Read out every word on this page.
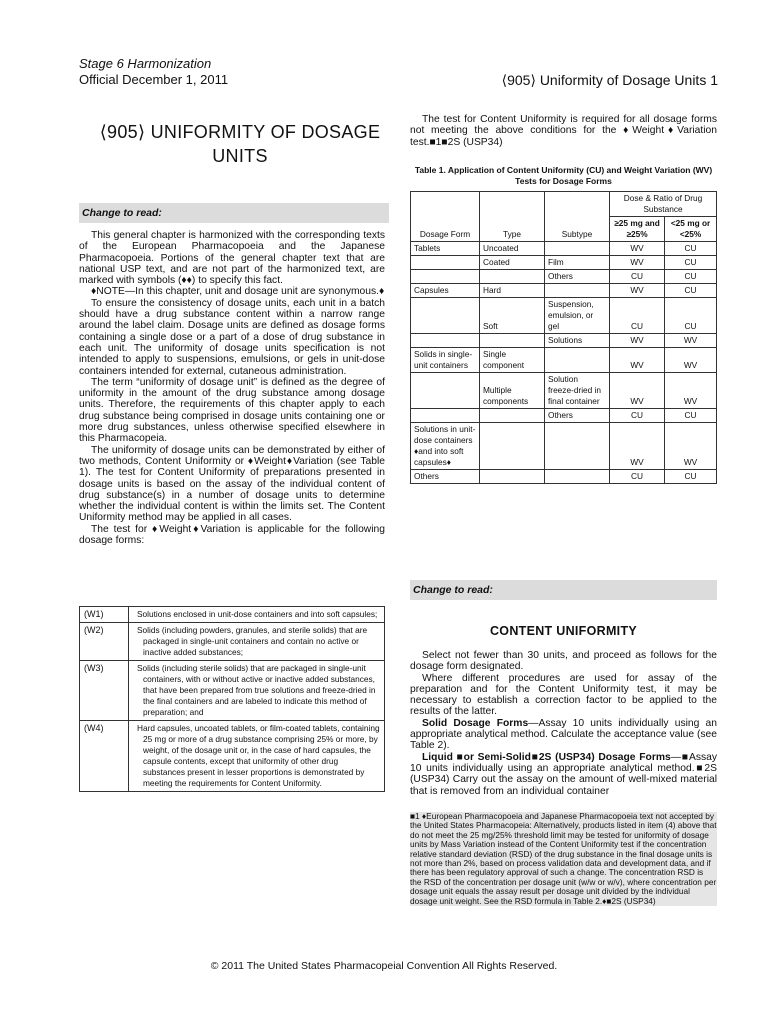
Stage 6 Harmonization
Official December 1, 2011	⟨905⟩ Uniformity of Dosage Units 1
⟨905⟩ UNIFORMITY OF DOSAGE UNITS
Change to read:

This general chapter is harmonized with the corresponding texts of the European Pharmacopoeia and the Japanese Pharmacopoeia. Portions of the general chapter text that are national USP text, and are not part of the harmonized text, are marked with symbols (♦♦) to specify this fact.

♦NOTE—In this chapter, unit and dosage unit are synonymous.♦

To ensure the consistency of dosage units, each unit in a batch should have a drug substance content within a narrow range around the label claim. Dosage units are defined as dosage forms containing a single dose or a part of a dose of drug substance in each unit. The uniformity of dosage units specification is not intended to apply to suspensions, emulsions, or gels in unit-dose containers intended for external, cutaneous administration.

The term “uniformity of dosage unit” is defined as the degree of uniformity in the amount of the drug substance among dosage units. Therefore, the requirements of this chapter apply to each drug substance being comprised in dosage units containing one or more drug substances, unless otherwise specified elsewhere in this Pharmacopeia.

The uniformity of dosage units can be demonstrated by either of two methods, Content Uniformity or ♦Weight♦Variation (see Table 1). The test for Content Uniformity of preparations presented in dosage units is based on the assay of the individual content of drug substance(s) in a number of dosage units to determine whether the individual content is within the limits set. The Content Uniformity method may be applied in all cases.

The test for ♦Weight♦Variation is applicable for the following dosage forms:

(W1)	Solutions enclosed in unit-dose containers and into soft capsules;

(W2)	Solids (including powders, granules, and sterile solids) that are packaged in single-unit containers and contain no active or inactive added substances;

(W3)	Solids (including sterile solids) that are packaged in single-unit containers, with or without active or inactive added substances, that have been prepared from true solutions and freeze-dried in the final containers and are labeled to indicate this method of preparation; and

(W4)	Hard capsules, uncoated tablets, or film-coated tablets, containing 25 mg or more of a drug substance comprising 25% or more, by weight, of the dosage unit or, in the case of hard capsules, the capsule contents, except that uniformity of other drug substances present in lesser proportions is demonstrated by meeting the requirements for Content Uniformity.

The test for Content Uniformity is required for all dosage forms not meeting the above conditions for the ♦Weight♦Variation test.■1■2S (USP34)

Table 1. Application of Content Uniformity (CU) and Weight Variation (WV) Tests for Dosage Forms
Dosage Form	Type	Subtype	Dose & Ratio of Drug Substance	
			≥25 mg and ≥25%	<25 mg or <25%
Tablets	Uncoated		WV	CU
	Coated	Film	WV	CU
		Others	CU	CU
Capsules	Hard		WV	CU
	Soft	Suspension, emulsion, or gel	CU	CU
		Solutions	WV	WV
Solids in single-unit containers	Single component		WV	WV
	Multiple components	Solution freeze-dried in final container	WV	WV
		Others	CU	CU
Solutions in unit-dose containers ♦and into soft capsules♦			WV	WV
Others			CU	CU
Change to read:
CONTENT UNIFORMITY

Select not fewer than 30 units, and proceed as follows for the dosage form designated.

Where different procedures are used for assay of the preparation and for the Content Uniformity test, it may be necessary to establish a correction factor to be applied to the results of the latter.

Solid Dosage Forms—Assay 10 units individually using an appropriate analytical method. Calculate the acceptance value (see Table 2).

Liquid ■or Semi-Solid■2S (USP34) Dosage Forms—■Assay 10 units individually using an appropriate analytical method.■2S (USP34) Carry out the assay on the amount of well-mixed material that is removed from an individual container

■1 ♦European Pharmacopoeia and Japanese Pharmacopoeia text not accepted by the United States Pharmacopeia: Alternatively, products listed in item (4) above that do not meet the 25 mg/25% threshold limit may be tested for uniformity of dosage units by Mass Variation instead of the Content Uniformity test if the concentration relative standard deviation (RSD) of the drug substance in the final dosage units is not more than 2%, based on process validation data and development data, and if there has been regulatory approval of such a change. The concentration RSD is the RSD of the concentration per dosage unit (w/w or w/v), where concentration per dosage unit equals the assay result per dosage unit divided by the individual dosage unit weight. See the RSD formula in Table 2.♦■2S (USP34)
© 2011 The United States Pharmacopeial Convention All Rights Reserved.
